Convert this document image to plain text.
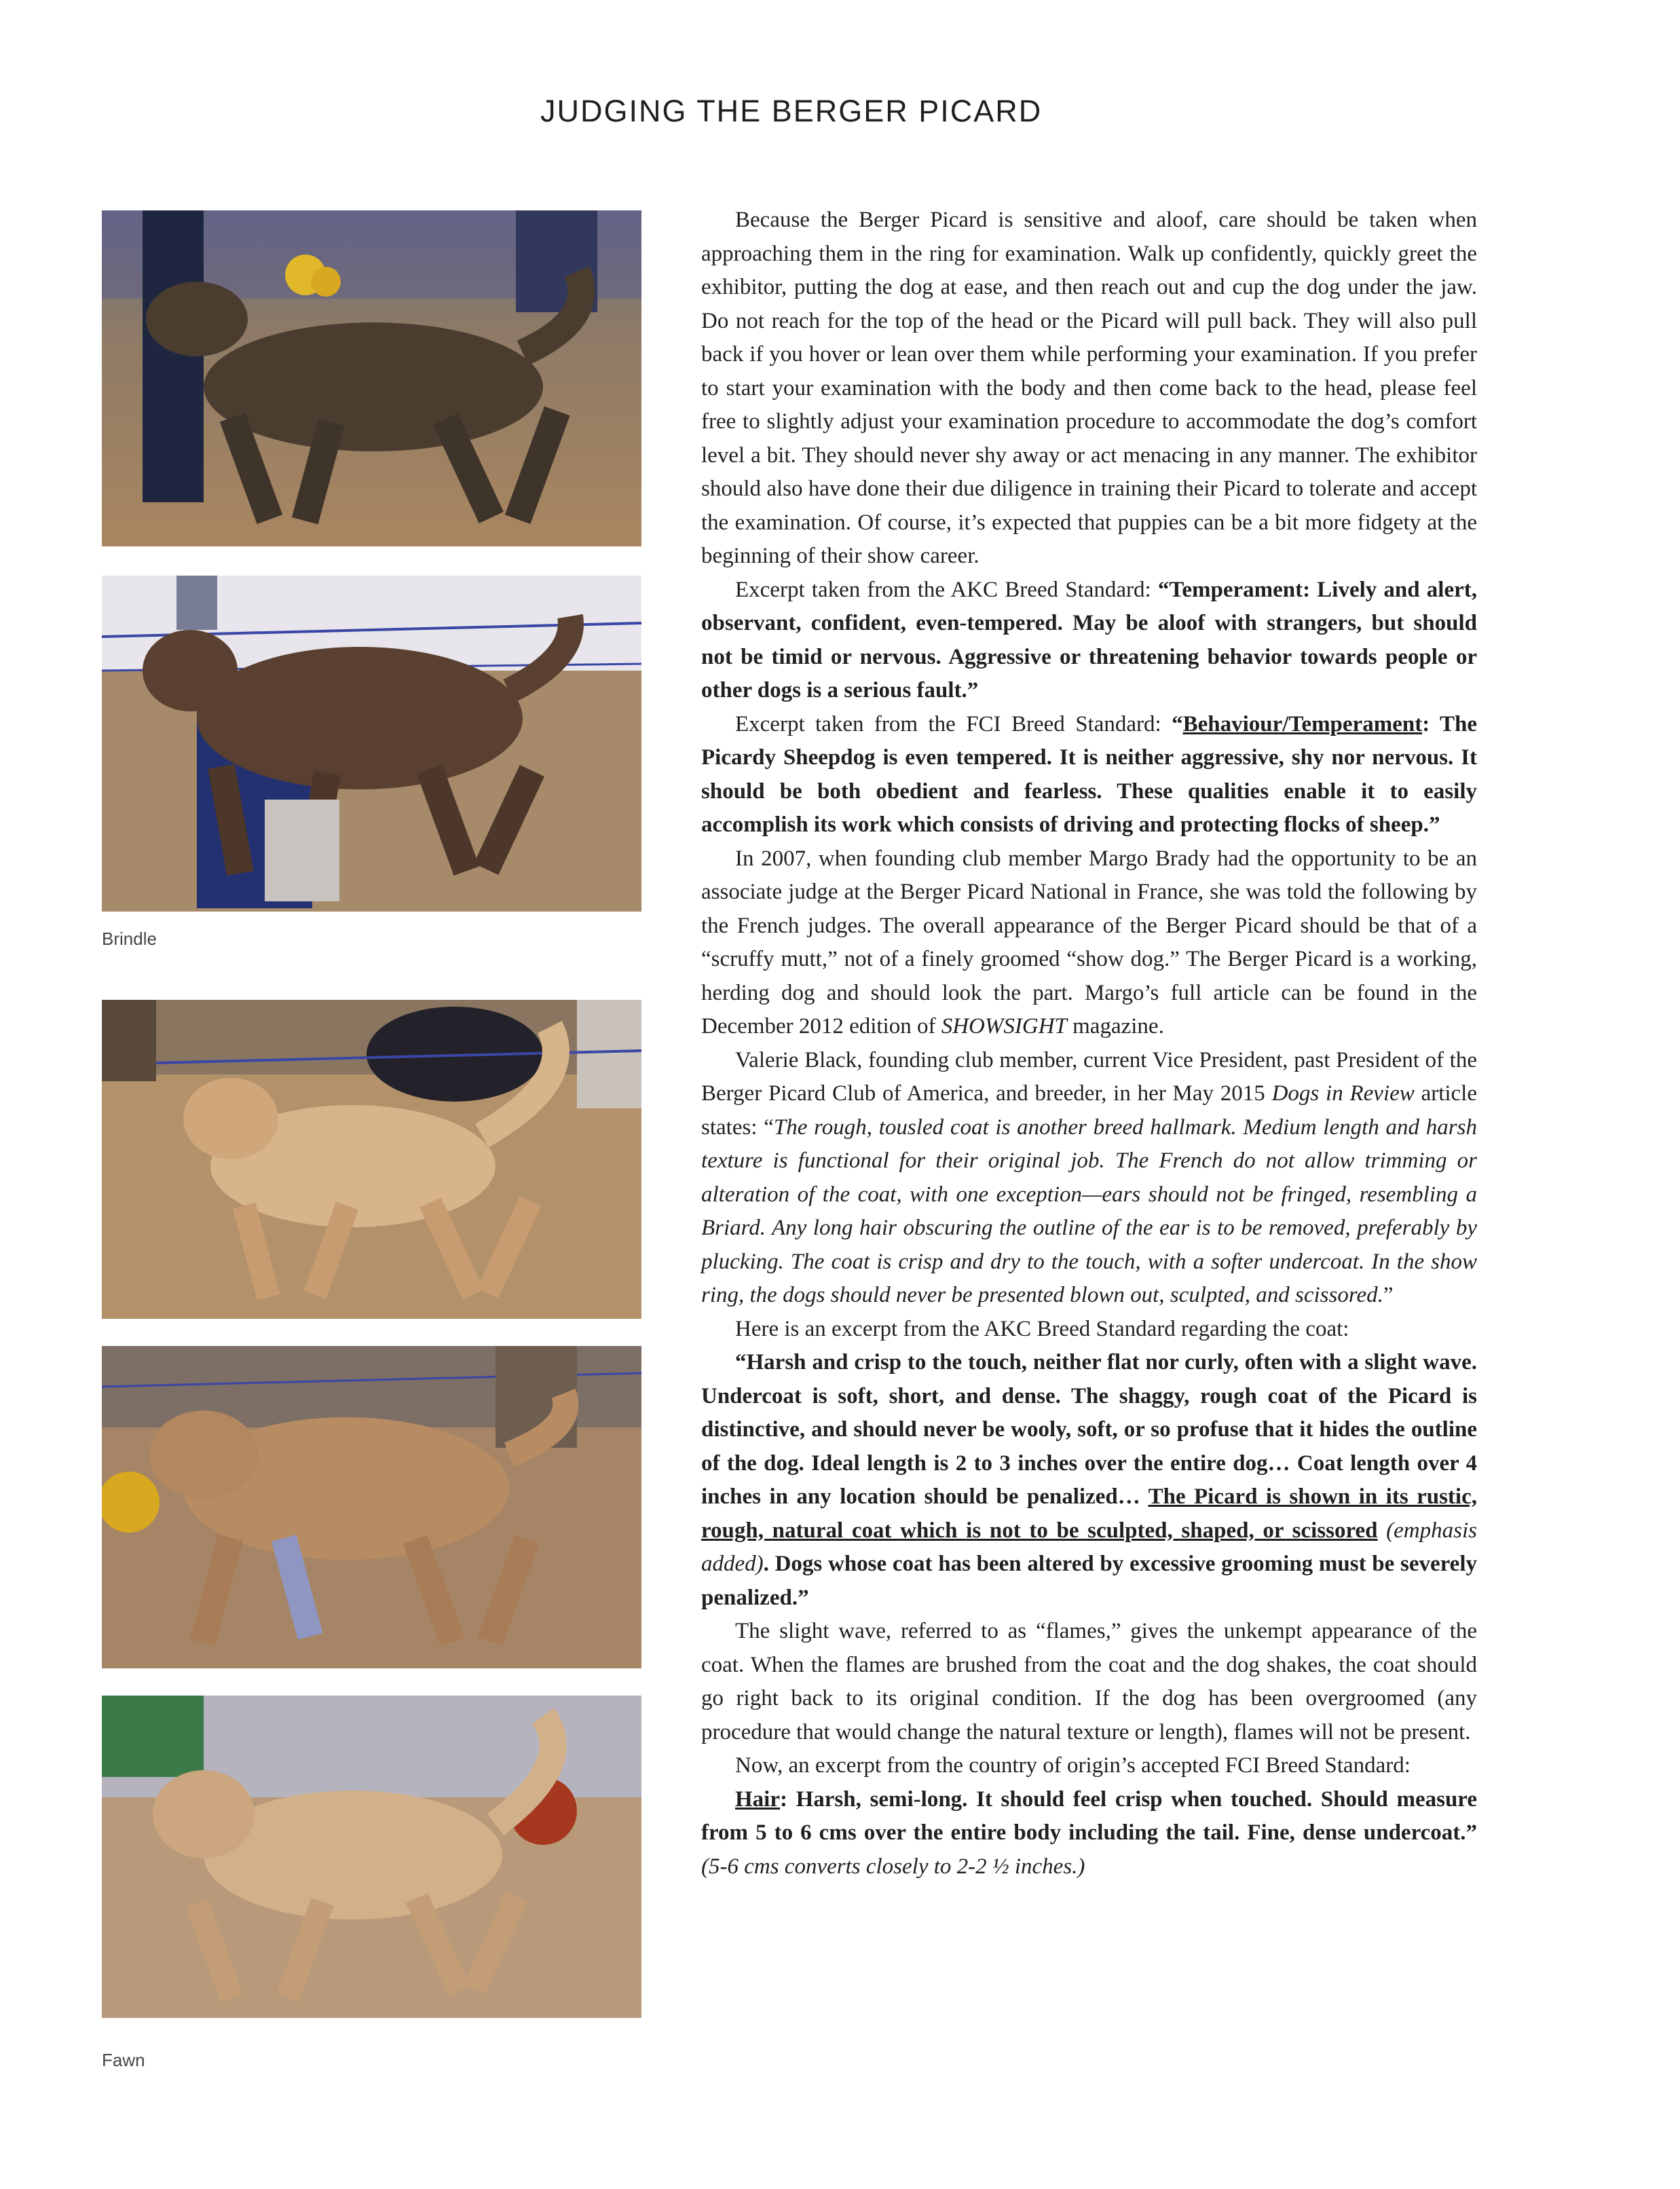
JUDGING THE BERGER PICARD
Brindle
Fawn

Because the Berger Picard is sensitive and aloof, care should be taken when approaching them in the ring for examination. Walk up confidently, quickly greet the exhibitor, putting the dog at ease, and then reach out and cup the dog under the jaw. Do not reach for the top of the head or the Picard will pull back. They will also pull back if you hover or lean over them while performing your examination. If you prefer to start your examination with the body and then come back to the head, please feel free to slightly adjust your examination procedure to accommodate the dog’s comfort level a bit. They should never shy away or act menacing in any manner. The exhibitor should also have done their due diligence in training their Picard to tolerate and accept the examination. Of course, it’s expected that puppies can be a bit more fidgety at the beginning of their show career.

Excerpt taken from the AKC Breed Standard: “Temperament: Lively and alert, observant, confident, even-tempered. May be aloof with strangers, but should not be timid or nervous. Aggressive or threatening behavior towards people or other dogs is a serious fault.”

Excerpt taken from the FCI Breed Standard: “Behaviour/Temperament: The Picardy Sheepdog is even tempered. It is neither aggressive, shy nor nervous. It should be both obedient and fearless. These qualities enable it to easily accomplish its work which consists of driving and protecting flocks of sheep.”

In 2007, when founding club member Margo Brady had the opportunity to be an associate judge at the Berger Picard National in France, she was told the following by the French judges. The overall appearance of the Berger Picard should be that of a “scruffy mutt,” not of a finely groomed “show dog.” The Berger Picard is a working, herding dog and should look the part. Margo’s full article can be found in the December 2012 edition of SHOWSIGHT magazine.

Valerie Black, founding club member, current Vice President, past President of the Berger Picard Club of America, and breeder, in her May 2015 Dogs in Review article states: “The rough, tousled coat is another breed hallmark. Medium length and harsh texture is functional for their original job. The French do not allow trimming or alteration of the coat, with one exception—ears should not be fringed, resembling a Briard. Any long hair obscuring the outline of the ear is to be removed, preferably by plucking. The coat is crisp and dry to the touch, with a softer undercoat. In the show ring, the dogs should never be presented blown out, sculpted, and scissored.”

Here is an excerpt from the AKC Breed Standard regarding the coat:

“Harsh and crisp to the touch, neither flat nor curly, often with a slight wave. Undercoat is soft, short, and dense. The shaggy, rough coat of the Picard is distinctive, and should never be wooly, soft, or so profuse that it hides the outline of the dog. Ideal length is 2 to 3 inches over the entire dog… Coat length over 4 inches in any location should be penalized… The Picard is shown in its rustic, rough, natural coat which is not to be sculpted, shaped, or scissored (emphasis added). Dogs whose coat has been altered by excessive grooming must be severely penalized.”

The slight wave, referred to as “flames,” gives the unkempt appearance of the coat. When the flames are brushed from the coat and the dog shakes, the coat should go right back to its original condition. If the dog has been overgroomed (any procedure that would change the natural texture or length), flames will not be present.

Now, an excerpt from the country of origin’s accepted FCI Breed Standard:

Hair: Harsh, semi-long. It should feel crisp when touched. Should measure from 5 to 6 cms over the entire body including the tail. Fine, dense undercoat.” (5-6 cms converts closely to 2-2 ½ inches.)
